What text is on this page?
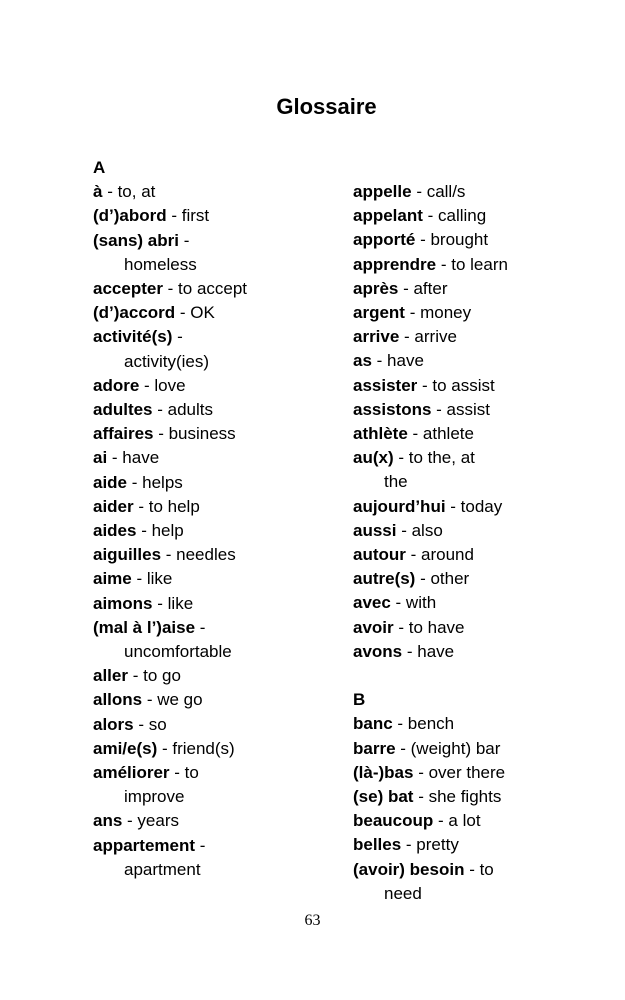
Glossaire
A
à - to, at
(d’)abord - first
(sans) abri -
homeless
accepter - to accept
(d’)accord - OK
activité(s) -
activity(ies)
adore - love
adultes - adults
affaires - business
ai - have
aide - helps
aider - to help
aides - help
aiguilles - needles
aime - like
aimons - like
(mal à l’)aise -
uncomfortable
aller - to go
allons - we go
alors - so
ami/e(s) - friend(s)
améliorer - to
improve
ans - years
appartement -
apartment
appelle - call/s
appelant - calling
apporté - brought
apprendre - to learn
après - after
argent - money
arrive - arrive
as - have
assister - to assist
assistons - assist
athlète - athlete
au(x) - to the, at
the
aujourd’hui - today
aussi - also
autour - around
autre(s) - other
avec - with
avoir - to have
avons - have
B
banc - bench
barre - (weight) bar
(là-)bas - over there
(se) bat - she fights
beaucoup - a lot
belles - pretty
(avoir) besoin - to
need
63
